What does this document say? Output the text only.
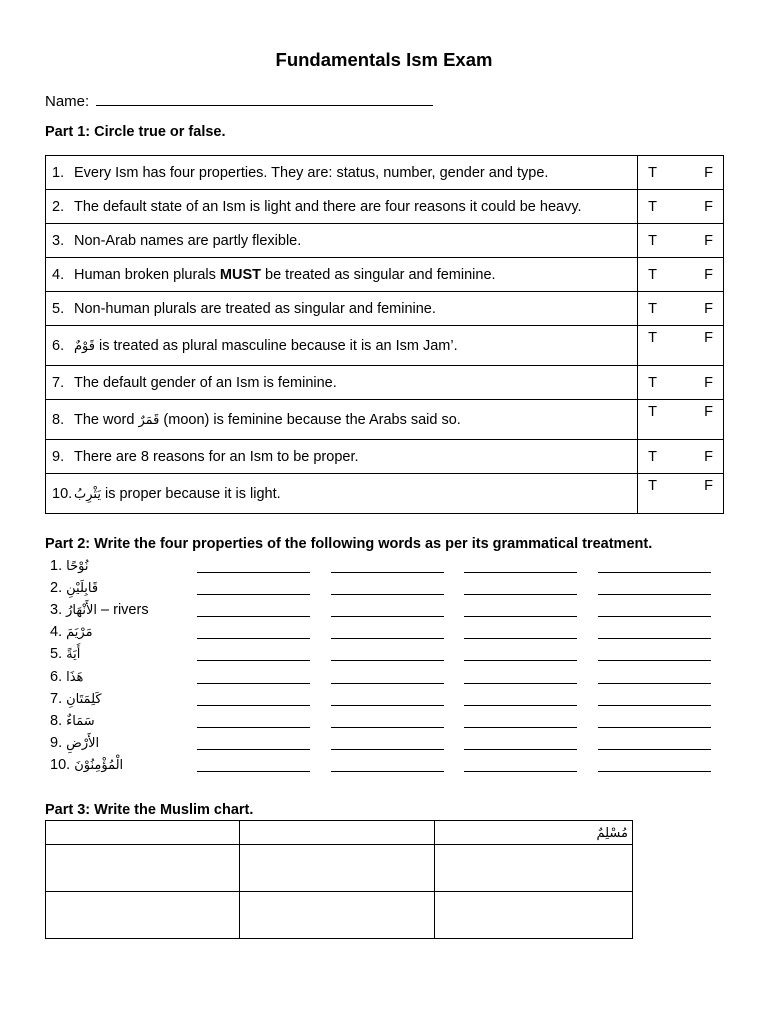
Fundamentals Ism Exam
Name:
Part 1: Circle true or false.
1. Every Ism has four properties. They are: status, number, gender and type.	T F

2. The default state of an Ism is light and there are four reasons it could be heavy.	T F

3. Non-Arab names are partly flexible.	T F

4. Human broken plurals MUST be treated as singular and feminine.	T F

5. Non-human plurals are treated as singular and feminine.	T F

6. قَوْمٌ is treated as plural masculine because it is an Ism Jam’.	T F

7. The default gender of an Ism is feminine.	T F

8. The word قَمَرٌ (moon) is feminine because the Arabs said so.	T F

9. There are 8 reasons for an Ism to be proper.	T F

10. يَثْرِبُ is proper because it is light.	T F
Part 2: Write the four properties of the following words as per its grammatical treatment.
1. نُوْحًا
2. قَابِلَيْنِ
3. الأَنْهَارُ – rivers
4. مَرْيَمَ
5. أَيَةً
6. هَذَا
7. كَلِمَتَانِ
8. سَمَاءٌ
9. الأَرْضِ
10. الْمُؤْمِنُوْنَ
Part 3: Write the Muslim chart.
		مُسْلِمٌ
